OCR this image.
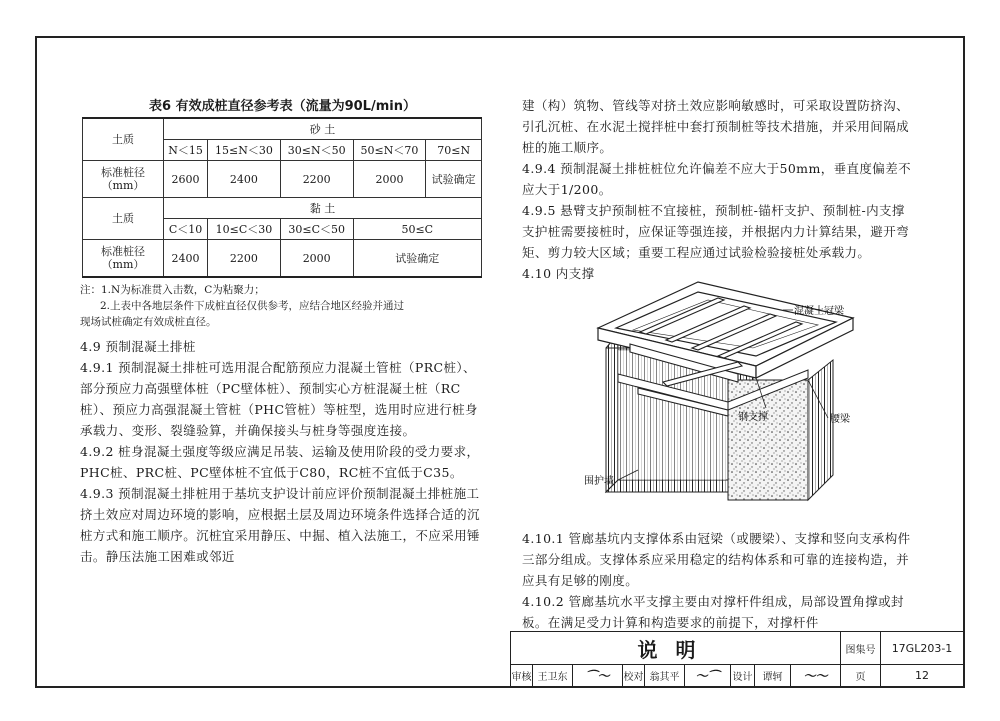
表6 有效成桩直径参考表（流量为90L/min）

土质	砂 土				
	N＜15	15≤N＜30	30≤N＜50	50≤N＜70	70≤N
标准桩径（mm）	2600	2400	2200	2000	试验确定
土质	黏 土				
	C＜10	10≤C＜30	30≤C＜50	50≤C	
标准桩径（mm）	2400	2200	2000	试验确定	

注：1.N为标准贯入击数，C为粘聚力；

2.上表中各地层条件下成桩直径仅供参考，应结合地区经验并通过

现场试桩确定有效成桩直径。

4.9 预制混凝土排桩

4.9.1 预制混凝土排桩可选用混合配筋预应力混凝土管桩（PRC桩）、部分预应力高强壁体桩（PC壁体桩）、预制实心方桩混凝土桩（RC桩）、预应力高强混凝土管桩（PHC管桩）等桩型，选用时应进行桩身承载力、变形、裂缝验算，并确保接头与桩身等强度连接。

4.9.2 桩身混凝土强度等级应满足吊装、运输及使用阶段的受力要求，PHC桩、PRC桩、PC壁体桩不宜低于C80，RC桩不宜低于C35。

4.9.3 预制混凝土排桩用于基坑支护设计前应评价预制混凝土排桩施工挤土效应对周边环境的影响，应根据土层及周边环境条件选择合适的沉桩方式和施工顺序。沉桩宜采用静压、中掘、植入法施工，不应采用锤击。静压法施工困难或邻近

建（构）筑物、管线等对挤土效应影响敏感时，可采取设置防挤沟、引孔沉桩、在水泥土搅拌桩中套打预制桩等技术措施，并采用间隔成桩的施工顺序。

4.9.4 预制混凝土排桩桩位允许偏差不应大于50mm，垂直度偏差不应大于1/200。

4.9.5 悬臂支护预制桩不宜接桩，预制桩-锚杆支护、预制桩-内支撑支护桩需要接桩时，应保证等强连接，并根据内力计算结果，避开弯矩、剪力较大区域；重要工程应通过试验检验接桩处承载力。

4.10 内支撑

混凝土冠梁
钢支撑	腰梁
围护墙

4.10.1 管廊基坑内支撑体系由冠梁（或腰梁）、支撑和竖向支承构件三部分组成。支撑体系应采用稳定的结构体系和可靠的连接构造，并应具有足够的刚度。

4.10.2 管廊基坑水平支撑主要由对撑杆件组成，局部设置角撑或封板。在满足受力计算和构造要求的前提下，对撑杆件

说明	图集号	17GL203-1
审核 王卫东	⌒〜	校对 翁其平	〜⌒	设计	谭轲	〜〜	页	12
